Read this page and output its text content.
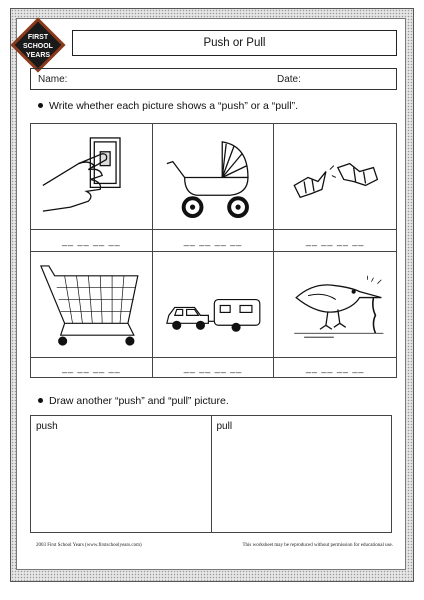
FIRST
SCHOOL
YEARS
Push or Pull
Name:	Date:
Write whether each picture shows a “push” or a “pull”.
__ __ __ __	__ __ __ __	__ __ __ __
__ __ __ __	__ __ __ __	__ __ __ __
Draw another “push” and “pull” picture.
push	pull
2003 First School Years (www.firstschoolyears.com)	This worksheet may be reproduced without permission for educational use.
